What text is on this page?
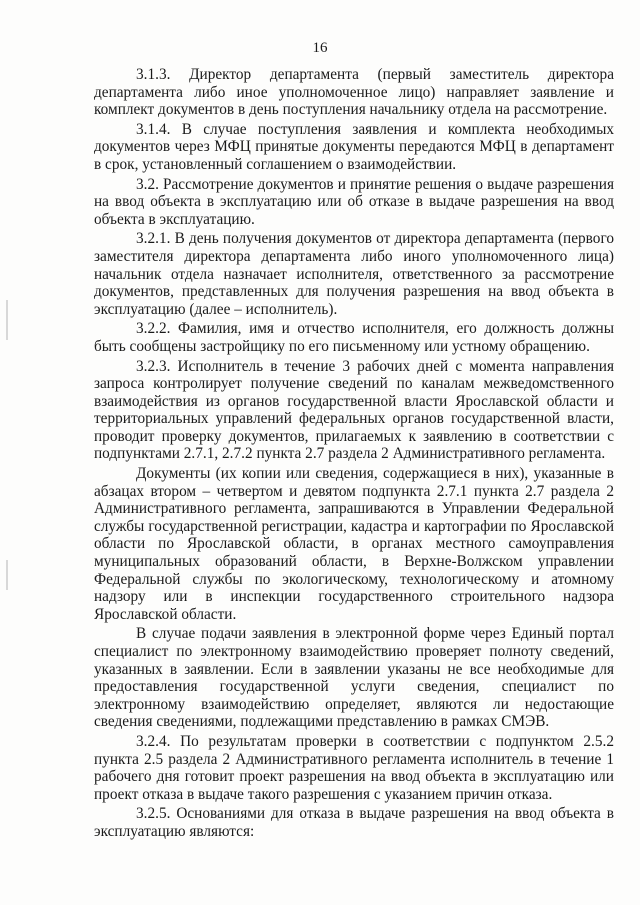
16

3.1.3. Директор департамента (первый заместитель директора департамента либо иное уполномоченное лицо) направляет заявление и комплект документов в день поступления начальнику отдела на рассмотрение.

3.1.4. В случае поступления заявления и комплекта необходимых документов через МФЦ принятые документы передаются МФЦ в департамент в срок, установленный соглашением о взаимодействии.

3.2. Рассмотрение документов и принятие решения о выдаче разрешения на ввод объекта в эксплуатацию или об отказе в выдаче разрешения на ввод объекта в эксплуатацию.

3.2.1. В день получения документов от директора департамента (первого заместителя директора департамента либо иного уполномоченного лица) начальник отдела назначает исполнителя, ответственного за рассмотрение документов, представленных для получения разрешения на ввод объекта в эксплуатацию (далее – исполнитель).

3.2.2. Фамилия, имя и отчество исполнителя, его должность должны быть сообщены застройщику по его письменному или устному обращению.

3.2.3. Исполнитель в течение 3 рабочих дней с момента направления запроса контролирует получение сведений по каналам межведомственного взаимодействия из органов государственной власти Ярославской области и территориальных управлений федеральных органов государственной власти, проводит проверку документов, прилагаемых к заявлению в соответствии с подпунктами 2.7.1, 2.7.2 пункта 2.7 раздела 2 Административного регламента.

Документы (их копии или сведения, содержащиеся в них), указанные в абзацах втором – четвертом и девятом подпункта 2.7.1 пункта 2.7 раздела 2 Административного регламента, запрашиваются в Управлении Федеральной службы государственной регистрации, кадастра и картографии по Ярославской области по Ярославской области, в органах местного самоуправления муниципальных образований области, в Верхне-Волжском управлении Федеральной службы по экологическому, технологическому и атомному надзору или в инспекции государственного строительного надзора Ярославской области.

В случае подачи заявления в электронной форме через Единый портал специалист по электронному взаимодействию проверяет полноту сведений, указанных в заявлении. Если в заявлении указаны не все необходимые для предоставления государственной услуги сведения, специалист по электронному взаимодействию определяет, являются ли недостающие сведения сведениями, подлежащими представлению в рамках СМЭВ.

3.2.4. По результатам проверки в соответствии с подпунктом 2.5.2 пункта 2.5 раздела 2 Административного регламента исполнитель в течение 1 рабочего дня готовит проект разрешения на ввод объекта в эксплуатацию или проект отказа в выдаче такого разрешения с указанием причин отказа.

3.2.5. Основаниями для отказа в выдаче разрешения на ввод объекта в эксплуатацию являются:
